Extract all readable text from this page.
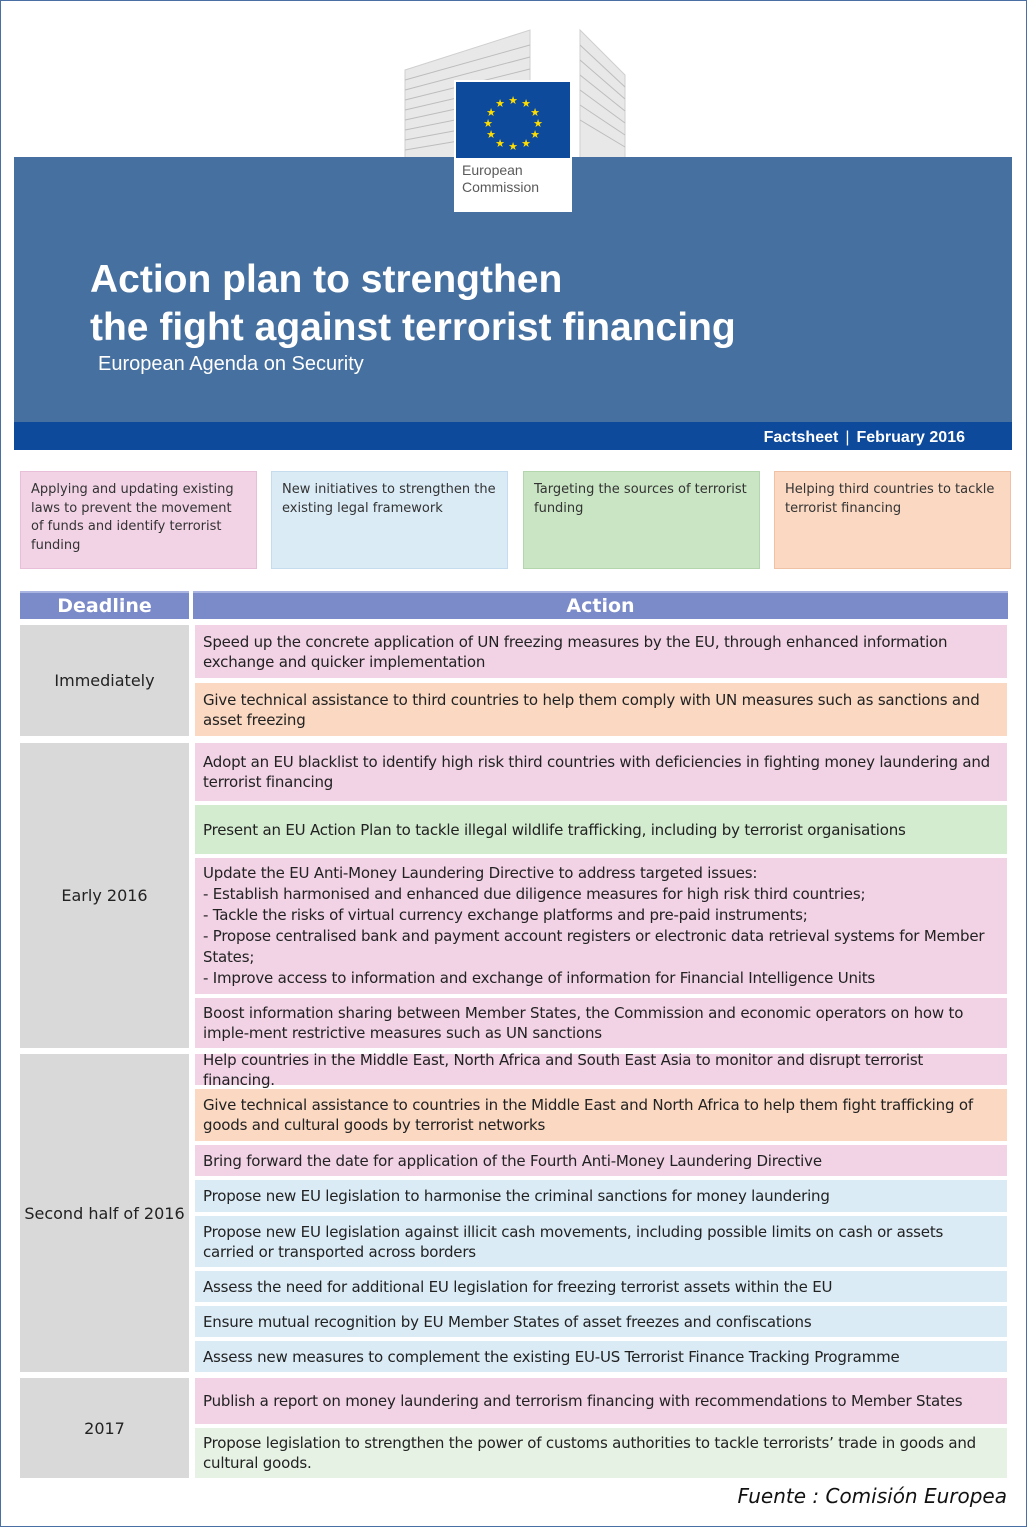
★ ★
★
★
★
★
★
★
★
★
★
★
European
Commission
Action plan to strengthen
the fight against terrorist financing
European Agenda on Security
Factsheet | February 2016
Applying and updating existing laws to prevent the movement of funds and identify terrorist funding
New initiatives to strengthen the existing legal framework
Targeting the sources of terrorist funding
Helping third countries to tackle terrorist financing
Deadline	Action
Immediately
Speed up the concrete application of UN freezing measures by the EU, through enhanced information exchange and quicker implementation
Give technical assistance to third countries to help them comply with UN measures such as sanctions and asset freezing
Early 2016
Adopt an EU blacklist to identify high risk third countries with deficiencies in fighting money laundering and terrorist financing
Present an EU Action Plan to tackle illegal wildlife trafficking, including by terrorist organisations
Update the EU Anti-Money Laundering Directive to address targeted issues:
- Establish harmonised and enhanced due diligence measures for high risk third countries;
- Tackle the risks of virtual currency exchange platforms and pre-paid instruments;
- Propose centralised bank and payment account registers or electronic data retrieval systems for Member States;
- Improve access to information and exchange of information for Financial Intelligence Units
Boost information sharing between Member States, the Commission and economic operators on how to imple-ment restrictive measures such as UN sanctions
Second half of 2016
Help countries in the Middle East, North Africa and South East Asia to monitor and disrupt terrorist financing.
Give technical assistance to countries in the Middle East and North Africa to help them fight trafficking of goods and cultural goods by terrorist networks
Bring forward the date for application of the Fourth Anti-Money Laundering Directive
Propose new EU legislation to harmonise the criminal sanctions for money laundering
Propose new EU legislation against illicit cash movements, including possible limits on cash or assets carried or transported across borders
Assess the need for additional EU legislation for freezing terrorist assets within the EU
Ensure mutual recognition by EU Member States of asset freezes and confiscations
Assess new measures to complement the existing EU-US Terrorist Finance Tracking Programme
2017
Publish a report on money laundering and terrorism financing with recommendations to Member States
Propose legislation to strengthen the power of customs authorities to tackle terrorists’ trade in goods and cultural goods.
Fuente : Comisión Europea
